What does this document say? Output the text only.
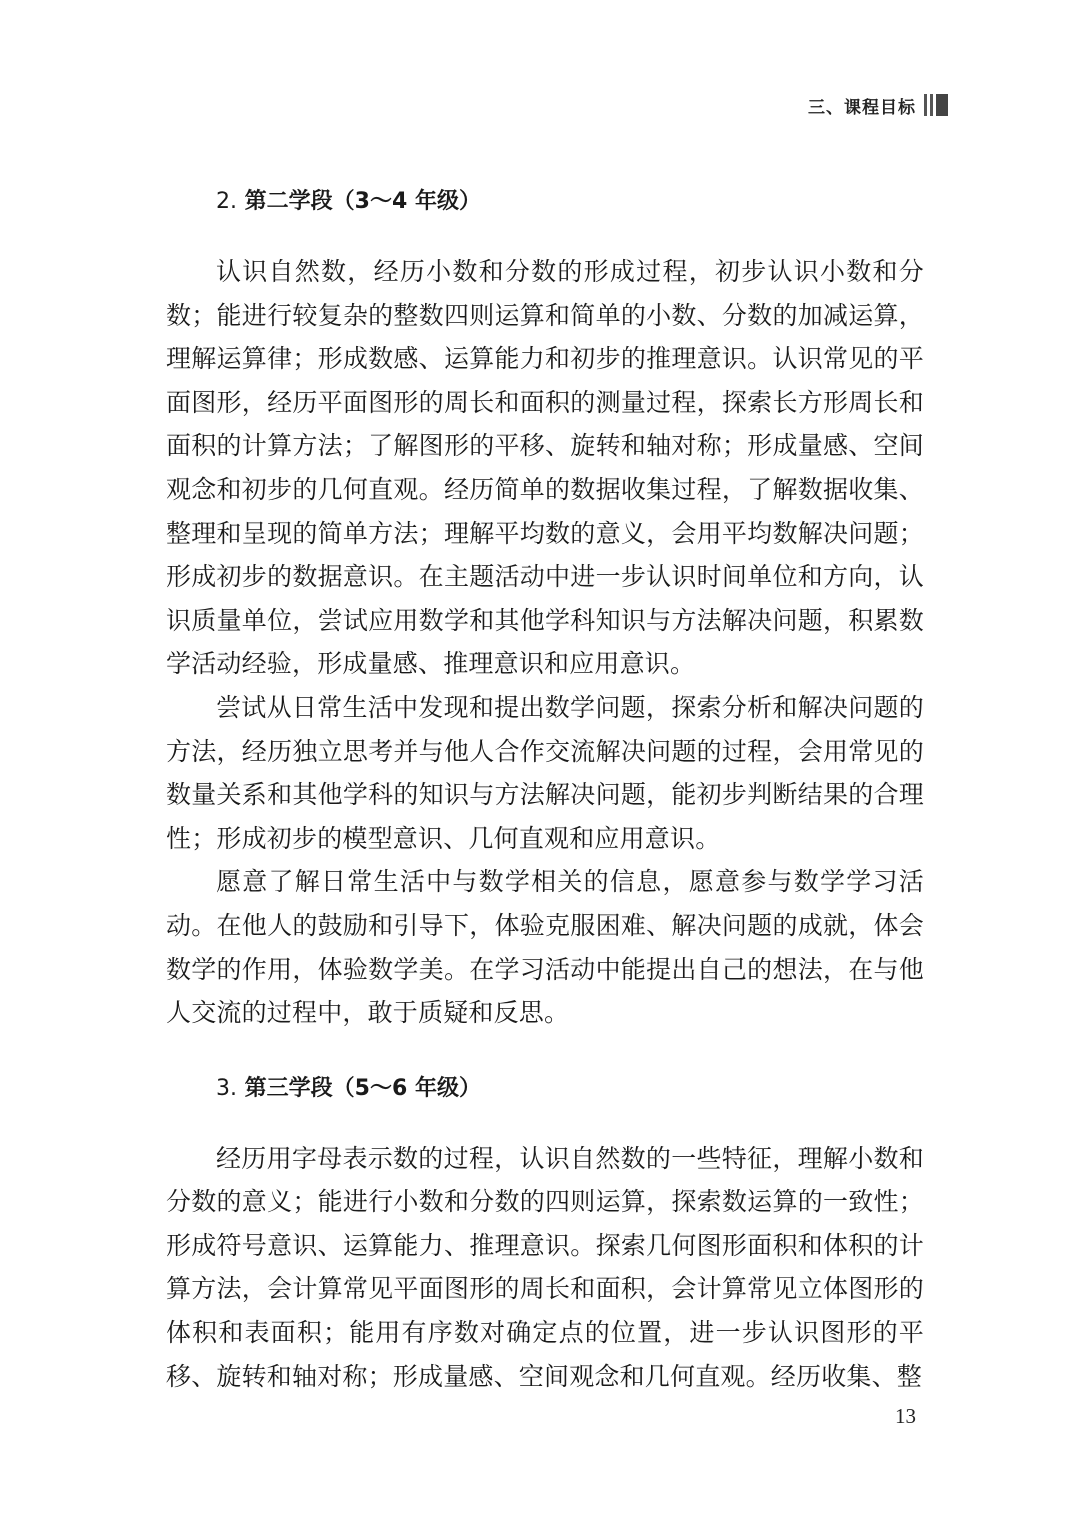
三、课程目标
2. 第二学段（3～4 年级）

认识自然数，经历小数和分数的形成过程，初步认识小数和分数；能进行较复杂的整数四则运算和简单的小数、分数的加减运算，理解运算律；形成数感、运算能力和初步的推理意识。认识常见的平面图形，经历平面图形的周长和面积的测量过程，探索长方形周长和面积的计算方法；了解图形的平移、旋转和轴对称；形成量感、空间观念和初步的几何直观。经历简单的数据收集过程，了解数据收集、整理和呈现的简单方法；理解平均数的意义，会用平均数解决问题；形成初步的数据意识。在主题活动中进一步认识时间单位和方向，认识质量单位，尝试应用数学和其他学科知识与方法解决问题，积累数学活动经验，形成量感、推理意识和应用意识。

尝试从日常生活中发现和提出数学问题，探索分析和解决问题的方法，经历独立思考并与他人合作交流解决问题的过程，会用常见的数量关系和其他学科的知识与方法解决问题，能初步判断结果的合理性；形成初步的模型意识、几何直观和应用意识。

愿意了解日常生活中与数学相关的信息，愿意参与数学学习活动。在他人的鼓励和引导下，体验克服困难、解决问题的成就，体会数学的作用，体验数学美。在学习活动中能提出自己的想法，在与他人交流的过程中，敢于质疑和反思。

3. 第三学段（5～6 年级）

经历用字母表示数的过程，认识自然数的一些特征，理解小数和分数的意义；能进行小数和分数的四则运算，探索数运算的一致性；形成符号意识、运算能力、推理意识。探索几何图形面积和体积的计算方法，会计算常见平面图形的周长和面积，会计算常见立体图形的体积和表面积；能用有序数对确定点的位置，进一步认识图形的平移、旋转和轴对称；形成量感、空间观念和几何直观。经历收集、整

13
